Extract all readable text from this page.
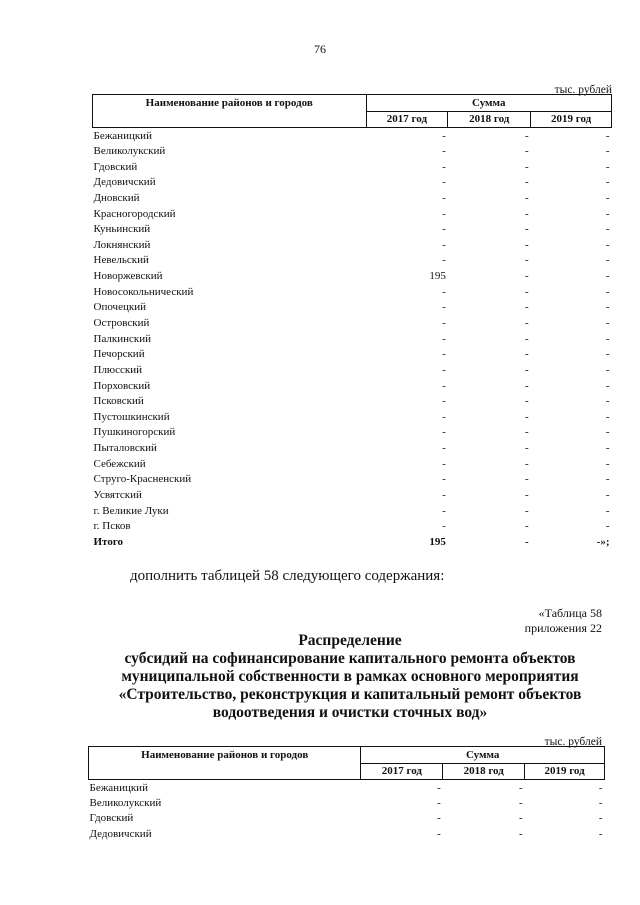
76
тыс. рублей
Наименование районов и городов	Сумма		
	2017 год	2018 год	2019 год
Бежаницкий	-	-	-
Великолукский	-	-	-
Гдовский	-	-	-
Дедовичский	-	-	-
Дновский	-	-	-
Красногородский	-	-	-
Куньинский	-	-	-
Локнянский	-	-	-
Невельский	-	-	-
Новоржевский	195	-	-
Новосокольнический	-	-	-
Опочецкий	-	-	-
Островский	-	-	-
Палкинский	-	-	-
Печорский	-	-	-
Плюсский	-	-	-
Порховский	-	-	-
Псковский	-	-	-
Пустошкинский	-	-	-
Пушкиногорский	-	-	-
Пыталовский	-	-	-
Себежский	-	-	-
Струго-Красненский	-	-	-
Усвятский	-	-	-
г. Великие Луки	-	-	-
г. Псков	-	-	-
Итого	195	-	-»;
дополнить таблицей 58 следующего содержания:
«Таблица 58
приложения 22
Распределение
субсидий на софинансирование капитального ремонта объектов
муниципальной собственности в рамках основного мероприятия
«Строительство, реконструкция и капитальный ремонт объектов
водоотведения и очистки сточных вод»
тыс. рублей
Наименование районов и городов	Сумма		
	2017 год	2018 год	2019 год
Бежаницкий	-	-	-
Великолукский	-	-	-
Гдовский	-	-	-
Дедовичский	-	-	-
